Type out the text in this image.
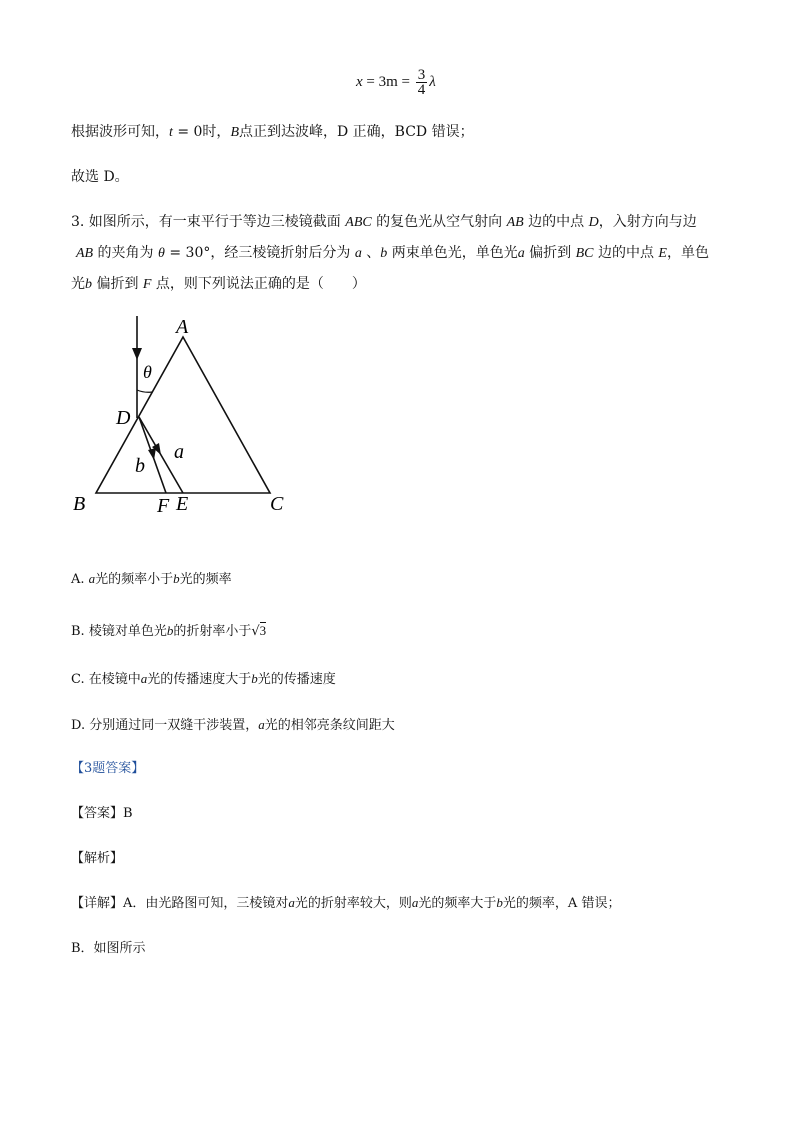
$x = 3m = \frac{3}{4}$ λ
根据波形可知，t = 0时，B点正到达波峰，D 正确，BCD 错误；
故选 D。
3. 如图所示，有一束平行于等边三棱镜截面 ABC 的复色光从空气射向 AB 边的中点 D，入射方向与边
AB 的夹角为 θ = 30°，经三棱镜折射后分为 a 、b 两束单色光，单色光a 偏折到 BC 边的中点 E，单色
光b 偏折到 F 点，则下列说法正确的是（　　）
A
B	C
D
E
F
a
b
θ
A. a光的频率小于b光的频率
B. 棱镜对单色光b的折射率小于√3
C. 在棱镜中a光的传播速度大于b光的传播速度
D. 分别通过同一双缝干涉装置，a光的相邻亮条纹间距大
【3题答案】
【答案】B
【解析】
【详解】A．由光路图可知，三棱镜对a光的折射率较大，则a光的频率大于b光的频率，A 错误；
B．如图所示
